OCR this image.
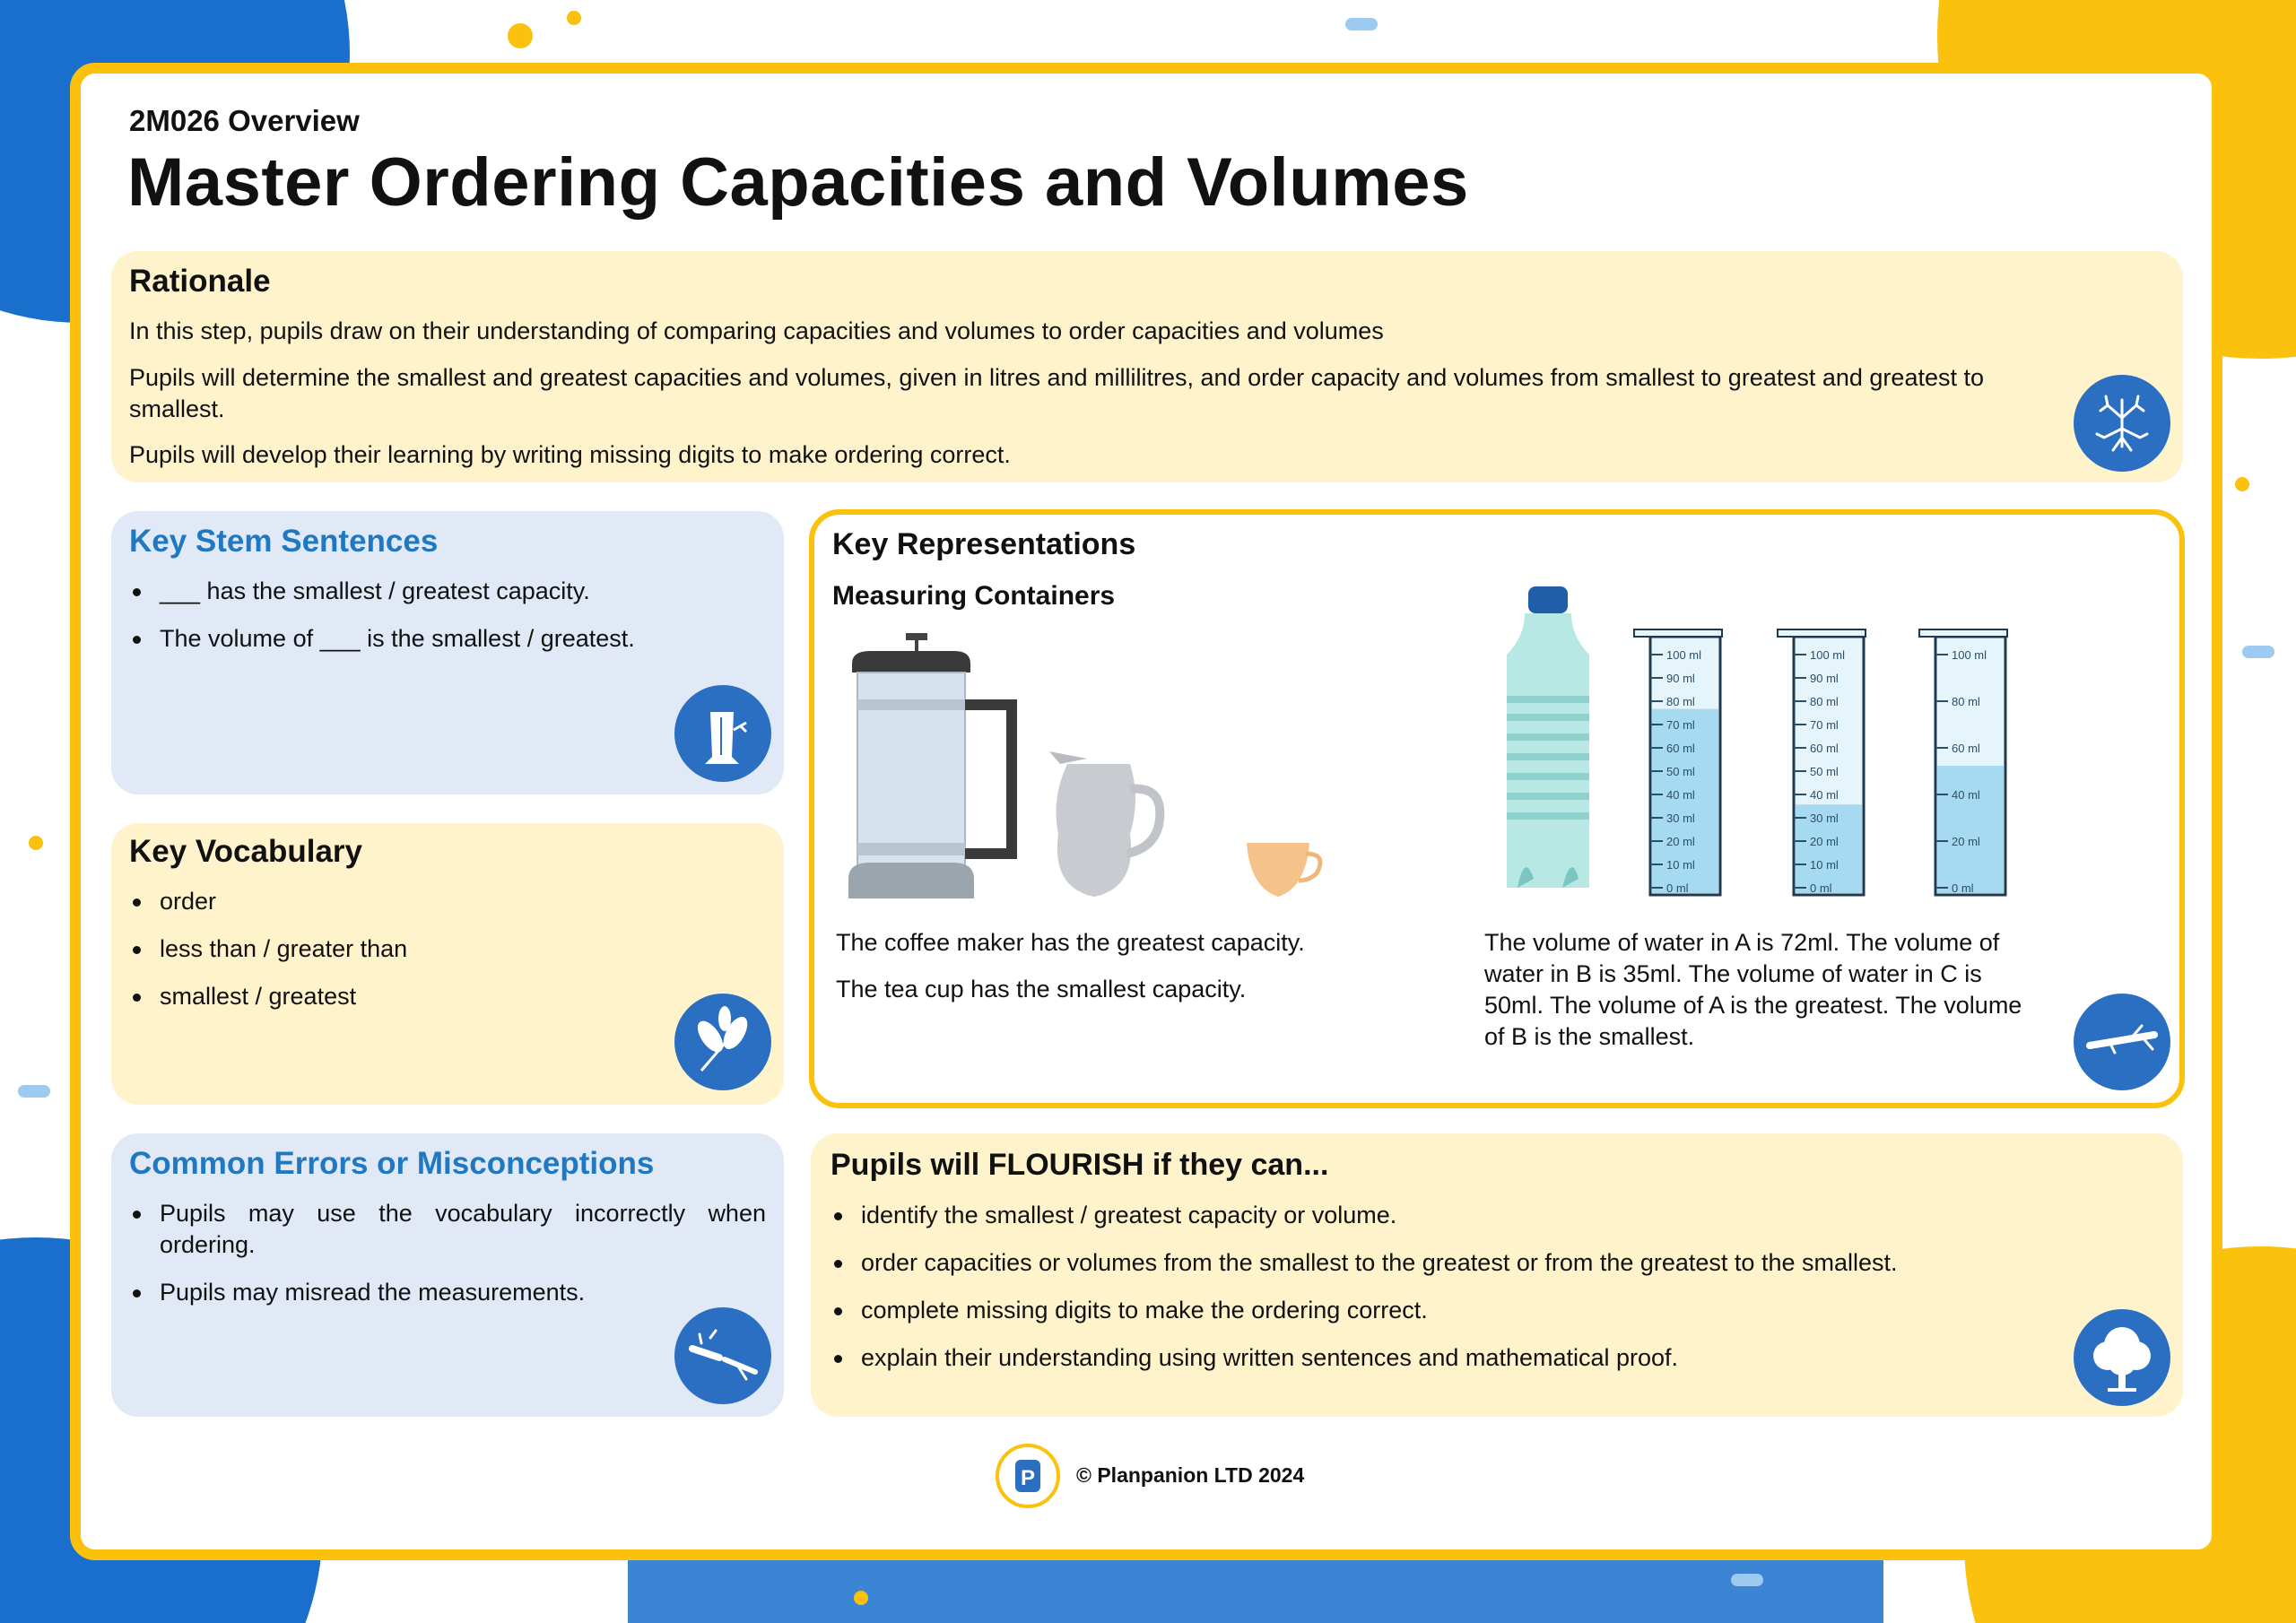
2M026 Overview
Master Ordering Capacities and Volumes
Rationale
In this step, pupils draw on their understanding of comparing capacities and volumes to order capacities and volumes
Pupils will determine the smallest and greatest capacities and volumes, given in litres and millilitres, and order capacity and volumes from smallest to greatest and greatest to smallest.
Pupils will develop their learning by writing missing digits to make ordering correct.
Key Stem Sentences
___ has the smallest / greatest capacity.
The volume of ___ is the smallest / greatest.
Key Vocabulary
order
less than / greater than
smallest / greatest
Common Errors or Misconceptions
Pupils may use the vocabulary incorrectly when ordering.
Pupils may misread the measurements.
Key Representations
Measuring Containers
100 ml
90 ml
80 ml
70 ml
60 ml
50 ml
40 ml
30 ml
20 ml
10 ml
0 ml
100 ml
90 ml
80 ml
70 ml
60 ml
50 ml
40 ml
30 ml
20 ml
10 ml
0 ml
100 ml
80 ml
60 ml
40 ml
20 ml
0 ml
The coffee maker has the greatest capacity.
The tea cup has the smallest capacity.
The volume of water in A is 72ml. The volume of water in B is 35ml. The volume of water in C is 50ml. The volume of A is the greatest. The volume of B is the smallest.
Pupils will FLOURISH if they can...
identify the smallest / greatest capacity or volume.
order capacities or volumes from the smallest to the greatest or from the greatest to the smallest.
complete missing digits to make the ordering correct.
explain their understanding using written sentences and mathematical proof.
P © Planpanion LTD 2024
